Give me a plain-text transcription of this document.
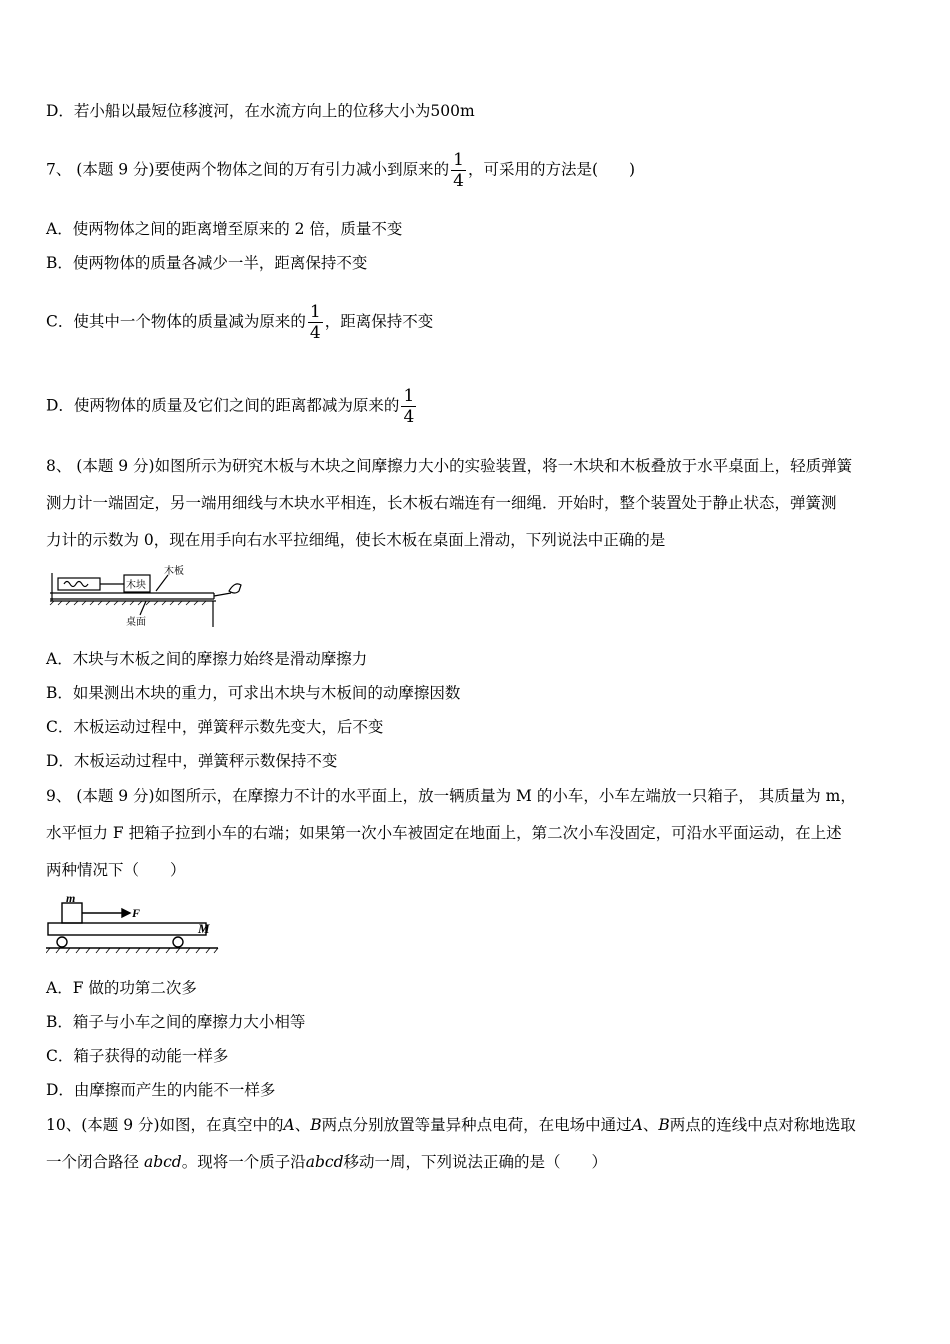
D．若小船以最短位移渡河，在水流方向上的位移大小为500m
7、 (本题 9 分)要使两个物体之间的万有引力减小到原来的 $\frac{1}{4}$ ，可采用的方法是(　　)
A．使两物体之间的距离增至原来的 2 倍，质量不变
B．使两物体的质量各减少一半，距离保持不变
C．使其中一个物体的质量减为原来的 $\frac{1}{4}$ ，距离保持不变
D．使两物体的质量及它们之间的距离都减为原来的 $\frac{1}{4}$
8、 (本题 9 分)如图所示为研究木板与木块之间摩擦力大小的实验装置，将一木块和木板叠放于水平桌面上，轻质弹簧
测力计一端固定，另一端用细线与木块水平相连，长木板右端连有一细绳．开始时，整个装置处于静止状态，弹簧测
力计的示数为 0，现在用手向右水平拉细绳，使长木板在桌面上滑动，下列说法中正确的是
木块
木板
桌面
A．木块与木板之间的摩擦力始终是滑动摩擦力
B．如果测出木块的重力，可求出木块与木板间的动摩擦因数
C．木板运动过程中，弹簧秤示数先变大，后不变
D．木板运动过程中，弹簧秤示数保持不变
9、 (本题 9 分)如图所示，在摩擦力不计的水平面上，放一辆质量为 M 的小车，小车左端放一只箱子， 其质量为 m，
水平恒力 F 把箱子拉到小车的右端；如果第一次小车被固定在地面上，第二次小车没固定，可沿水平面运动，在上述
两种情况下（　　）
m
F
M
A．F 做的功第二次多
B．箱子与小车之间的摩擦力大小相等
C．箱子获得的动能一样多
D．由摩擦而产生的内能不一样多
10、(本题 9 分)如图，在真空中的A、B两点分别放置等量异种点电荷，在电场中通过A、B两点的连线中点对称地选取
一个闭合路径 abcd。现将一个质子沿abcd移动一周，下列说法正确的是（　　）
